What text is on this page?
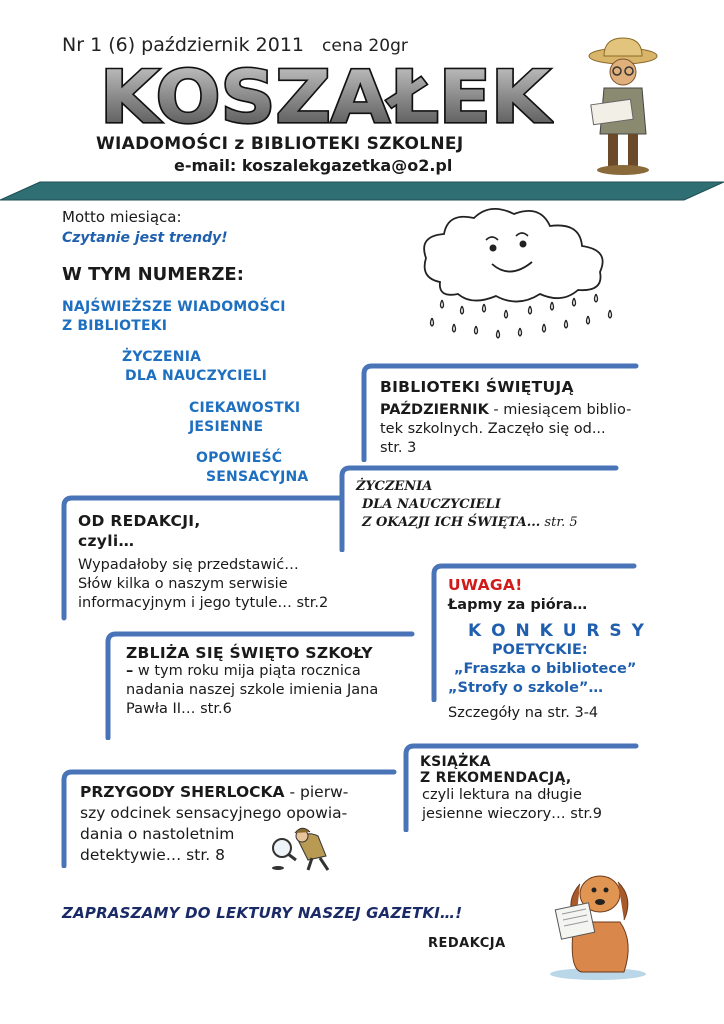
Nr 1 (6) październik 2011 cena 20gr
KOSZAŁEK
WIADOMOŚCI z BIBLIOTEKI SZKOLNEJ
e-mail: koszalekgazetka@o2.pl
Motto miesiąca:
Czytanie jest trendy!
W TYM NUMERZE:
NAJŚWIEŻSZE WIADOMOŚCI
Z BIBLIOTEKI
ŻYCZENIA
DLA NAUCZYCIELI
CIEKAWOSTKI
JESIENNE
OPOWIEŚĆ
SENSACYJNA
BIBLIOTEKI ŚWIĘTUJĄ
PAŹDZIERNIK - miesiącem biblio-
tek szkolnych. Zaczęło się od...
str. 3
ŻYCZENIA
DLA NAUCZYCIELI
Z OKAZJI ICH ŚWIĘTA... str. 5
OD REDAKCJI,
czyli…
Wypadałoby się przedstawić…
Słów kilka o naszym serwisie
informacyjnym i jego tytule… str.2
UWAGA!
Łapmy za pióra…
K O N K U R S Y
POETYCKIE:
„Fraszka o bibliotece”
„Strofy o szkole”…
Szczegóły na str. 3-4
ZBLIŻA SIĘ ŚWIĘTO SZKOŁY
– w tym roku mija piąta rocznica
nadania naszej szkole imienia Jana
Pawła II… str.6
KSIĄŻKA
Z REKOMENDACJĄ,
czyli lektura na długie
jesienne wieczory… str.9
PRZYGODY SHERLOCKA - pierw-
szy odcinek sensacyjnego opowia-
dania o nastoletnim
detektywie… str. 8
ZAPRASZAMY DO LEKTURY NASZEJ GAZETKI…!
REDAKCJA
